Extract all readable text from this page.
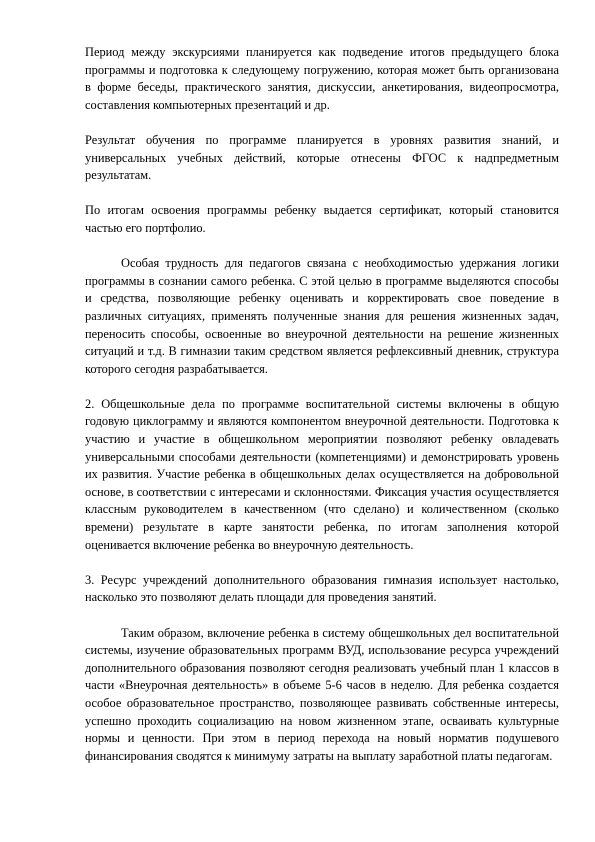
Период между экскурсиями планируется как подведение итогов предыдущего блока программы и подготовка к следующему погружению, которая может быть организована в форме беседы, практического занятия, дискуссии, анкетирования, видеопросмотра, составления компьютерных презентаций и др.

Результат обучения по программе планируется в уровнях развития знаний, и универсальных учебных действий, которые отнесены ФГОС к надпредметным результатам.

По итогам освоения программы ребенку выдается сертификат, который становится частью его портфолио.

Особая трудность для педагогов связана с необходимостью удержания логики программы в сознании самого ребенка. С этой целью в программе выделяются способы и средства, позволяющие ребенку оценивать и корректировать свое поведение в различных ситуациях, применять полученные знания для решения жизненных задач, переносить способы, освоенные во внеурочной деятельности на решение жизненных ситуаций и т.д. В гимназии таким средством является рефлексивный дневник, структура которого сегодня разрабатывается.

2. Общешкольные дела по программе воспитательной системы включены в общую годовую циклограмму и являются компонентом внеурочной деятельности. Подготовка к участию и участие в общешкольном мероприятии позволяют ребенку овладевать универсальными способами деятельности (компетенциями) и демонстрировать уровень их развития. Участие ребенка в общешкольных делах осуществляется на добровольной основе, в соответствии с интересами и склонностями. Фиксация участия осуществляется классным руководителем в качественном (что сделано) и количественном (сколько времени) результате в карте занятости ребенка, по итогам заполнения которой оценивается включение ребенка во внеурочную деятельность.

3. Ресурс учреждений дополнительного образования гимназия использует настолько, насколько это позволяют делать площади для проведения занятий.

Таким образом, включение ребенка в систему общешкольных дел воспитательной системы, изучение образовательных программ ВУД, использование ресурса учреждений дополнительного образования позволяют сегодня реализовать учебный план 1 классов в части «Внеурочная деятельность» в объеме 5-6 часов в неделю. Для ребенка создается особое образовательное пространство, позволяющее развивать собственные интересы, успешно проходить социализацию на новом жизненном этапе, осваивать культурные нормы и ценности. При этом в период перехода на новый норматив подушевого финансирования сводятся к минимуму затраты на выплату заработной платы педагогам.
